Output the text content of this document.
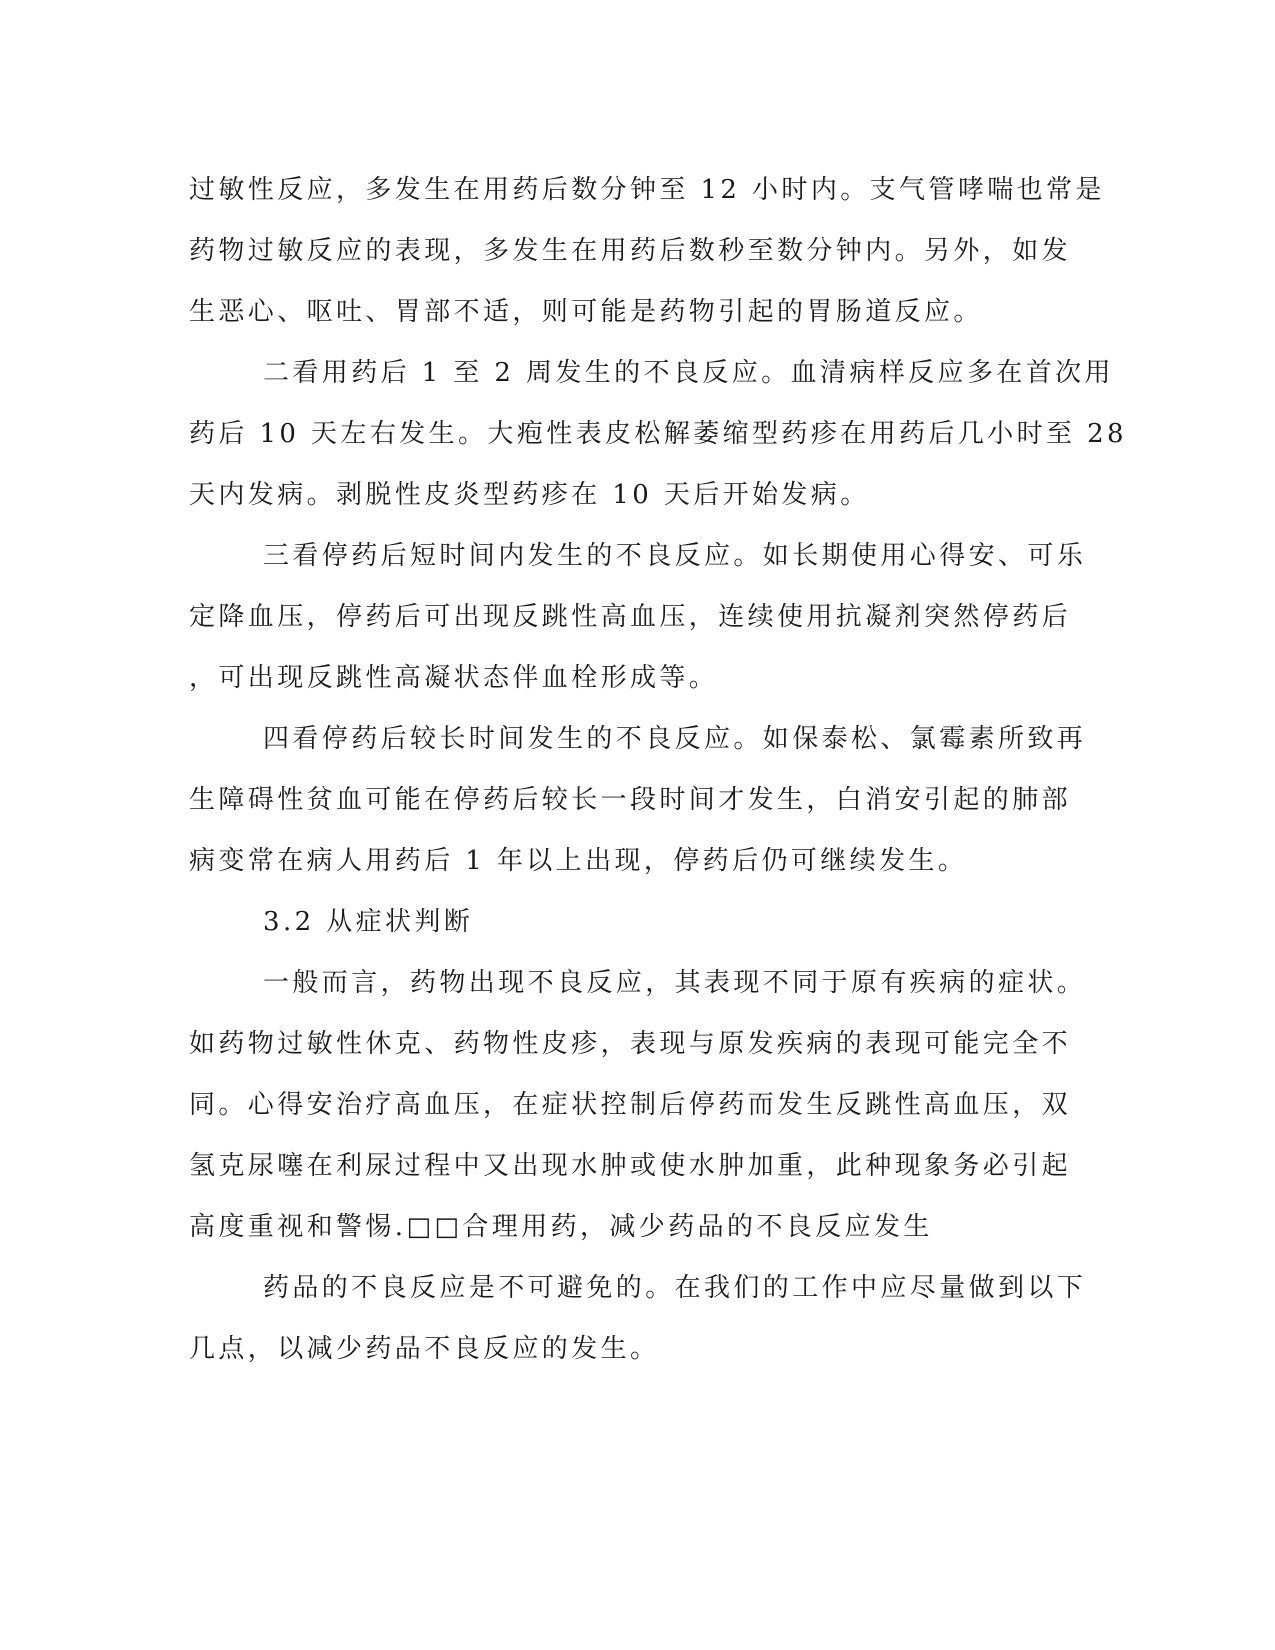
过敏性反应，多发生在用药后数分钟至 12 小时内。支气管哮喘也常是
药物过敏反应的表现，多发生在用药后数秒至数分钟内。另外，如发
生恶心、呕吐、胃部不适，则可能是药物引起的胃肠道反应。
二看用药后 1 至 2 周发生的不良反应。血清病样反应多在首次用
药后 10 天左右发生。大疱性表皮松解萎缩型药疹在用药后几小时至 28
天内发病。剥脱性皮炎型药疹在 10 天后开始发病。
三看停药后短时间内发生的不良反应。如长期使用心得安、可乐
定降血压，停药后可出现反跳性高血压，连续使用抗凝剂突然停药后
，可出现反跳性高凝状态伴血栓形成等。
四看停药后较长时间发生的不良反应。如保泰松、氯霉素所致再
生障碍性贫血可能在停药后较长一段时间才发生，白消安引起的肺部
病变常在病人用药后 1 年以上出现，停药后仍可继续发生。
3.2 从症状判断
一般而言，药物出现不良反应，其表现不同于原有疾病的症状。
如药物过敏性休克、药物性皮疹，表现与原发疾病的表现可能完全不
同。心得安治疗高血压，在症状控制后停药而发生反跳性高血压，双
氢克尿噻在利尿过程中又出现水肿或使水肿加重，此种现象务必引起
高度重视和警惕.□□合理用药，减少药品的不良反应发生
药品的不良反应是不可避免的。在我们的工作中应尽量做到以下
几点，以减少药品不良反应的发生。
